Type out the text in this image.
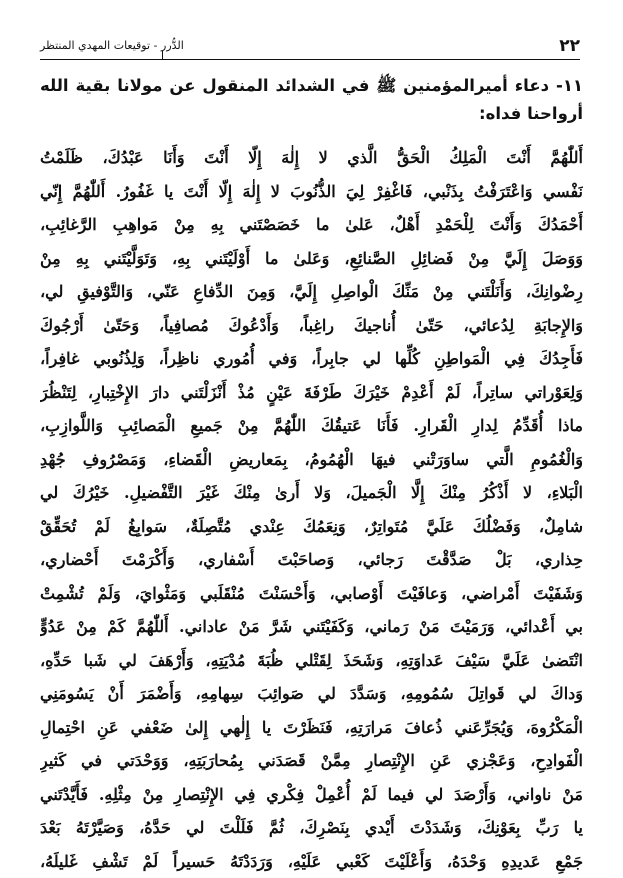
٢٢
الدُّرر - توقيعات المهدي المنتظر
١١- دعاء أميرالمؤمنين ﷺ في الشدائد المنقول عن مولانا بقية الله أرواحنا فداه:
أَللّٰهُمَّ أَنْتَ الْمَلِكُ الْحَقُّ الَّذي لا إِلٰهَ إِلّا أَنْتَ وَأَنَا عَبْدُكَ، ظَلَمْتُ
نَفْسي وَاعْتَرَفْتُ بِذَنْبي، فَاغْفِرْ لِيَ الذُّنُوبَ لا إِلٰهَ إِلّا أَنْتَ يا غَفُورُ. أَللّٰهُمَّ إِنّي
أَحْمَدُكَ وَأَنْتَ لِلْحَمْدِ أَهْلٌ، عَلىٰ ما خَصَصْتَني بِهِ مِنْ مَواهِبِ الرَّغائِبِ،
وَوَصَلَ إِلَيَّ مِنْ فَضائِلِ الصَّنائِعِ، وَعَلىٰ ما أَوْلَيْتَني بِهِ، وَتَوَلَّيْتَني بِهِ مِنْ
رِضْوانِكَ، وَأَنَلْتَني مِنْ مَنِّكَ الْواصِلِ إِلَيَّ، وَمِنَ الدِّفاعِ عَنّي، وَالتَّوْفيقِ لي،
وَالإِجابَةِ لِدُعائي، حَتّىٰ أُناجيكَ راغِباً، وَأَدْعُوكَ مُصافِياً، وَحَتّىٰ أَرْجُوكَ
فَأَجِدُكَ فِي الْمَواطِنِ كُلِّها لي جابِراً، وَفي أُمُوري ناظِراً، وَلِذُنُوبي غافِراً،
وَلِعَوْراتي ساتِراً، لَمْ أَعْدِمْ خَيْرَكَ طَرْفَةَ عَيْنٍ مُذْ أَنْزَلْتَني دارَ الإِخْتِبارِ، لِتَنْظُرَ
ماذا أُقَدِّمُ لِدارِ الْقَرارِ. فَأَنَا عَتيقُكَ اللّٰهُمَّ مِنْ جَميعِ الْمَصائِبِ وَاللَّوازِبِ،
وَالْغُمُومِ الَّتي ساوَرَتْني فيهَا الْهُمُومُ، بِمَعاريضِ الْقَضاءِ، وَمَصْرُوفِ جُهْدِ
الْبَلاءِ، لا أَذْكُرُ مِنْكَ إِلَّا الْجَميلَ، وَلا أَرىٰ مِنْكَ غَيْرَ التَّفْضيلِ. خَيْرُكَ لي
شامِلٌ، وَفَضْلُكَ عَلَيَّ مُتَواتِرٌ، وَنِعَمُكَ عِنْدي مُتَّصِلَةٌ، سَوابِغُ لَمْ تُحَقِّقْ
حِذاري، بَلْ صَدَّقْتَ رَجائي، وَصاحَبْتَ أَسْفاري، وَأَكْرَمْتَ أَحْضاري،
وَشَفَيْتَ أَمْراضي، وَعافَيْتَ أَوْصابي، وَأَحْسَنْتَ مُنْقَلَبي وَمَثْوايَ، وَلَمْ تُشْمِتْ
بي أَعْدائي، وَرَمَيْتَ مَنْ رَماني، وَكَفَيْتَني شَرَّ مَنْ عاداني. أَللّٰهُمَّ كَمْ مِنْ عَدُوٍّ
انْتَضىٰ عَلَيَّ سَيْفَ عَداوَتِهِ، وَشَحَذَ لِقَتْلي ظُبَةَ مُدْيَتِهِ، وَأَرْهَفَ لي شَبا حَدِّهِ،
وَداكَ لي قَواتِلَ سُمُومِهِ، وَسَدَّدَ لي صَوائِبَ سِهامِهِ، وَأَضْمَرَ أَنْ يَسُومَنِي
الْمَكْرُوهَ، وَيُجَرِّعَني ذُعافَ مَرارَتِهِ، فَنَظَرْتَ يا إِلٰهي إِلىٰ ضَعْفي عَنِ احْتِمالِ
الْفَوادِحِ، وَعَجْزي عَنِ الإِنْتِصارِ مِمَّنْ قَصَدَني بِمُحارَبَتِهِ، وَوَحْدَتي في كَثيرِ
مَنْ ناواني، وَأَرْصَدَ لي فيما لَمْ أُعْمِلْ فِكْري فِي الإِنْتِصارِ مِنْ مِثْلِهِ. فَأَيَّدْتَني
يا رَبِّ بِعَوْنِكَ، وَشَدَدْتَ أَيْدي بِنَصْرِكَ، ثُمَّ فَلَلْتَ لي حَدَّهُ، وَصَيَّرْتَهُ بَعْدَ
جَمْعِ عَديدِهِ وَحْدَهُ، وَأَعْلَيْتَ كَعْبي عَلَيْهِ، وَرَدَدْتَهُ حَسيراً لَمْ تَشْفِ غَليلَهُ،
